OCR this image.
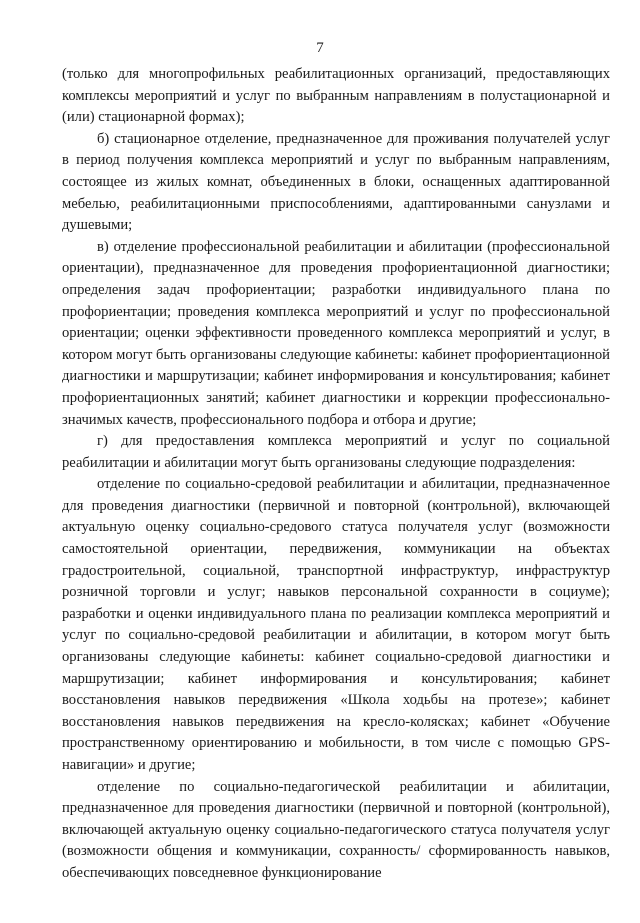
7

(только для многопрофильных реабилитационных организаций, предоставляющих комплексы мероприятий и услуг по выбранным направлениям в полустационарной и (или) стационарной формах);

б) стационарное отделение, предназначенное для проживания получателей услуг в период получения комплекса мероприятий и услуг по выбранным направлениям, состоящее из жилых комнат, объединенных в блоки, оснащенных адаптированной мебелью, реабилитационными приспособлениями, адаптированными санузлами и душевыми;

в) отделение профессиональной реабилитации и абилитации (профессиональной ориентации), предназначенное для проведения профориентационной диагностики; определения задач профориентации; разработки индивидуального плана по профориентации; проведения комплекса мероприятий и услуг по профессиональной ориентации; оценки эффективности проведенного комплекса мероприятий и услуг, в котором могут быть организованы следующие кабинеты: кабинет профориентационной диагностики и маршрутизации; кабинет информирования и консультирования; кабинет профориентационных занятий; кабинет диагностики и коррекции профессионально-значимых качеств, профессионального подбора и отбора и другие;

г) для предоставления комплекса мероприятий и услуг по социальной реабилитации и абилитации могут быть организованы следующие подразделения:

отделение по социально-средовой реабилитации и абилитации, предназначенное для проведения диагностики (первичной и повторной (контрольной), включающей актуальную оценку социально-средового статуса получателя услуг (возможности самостоятельной ориентации, передвижения, коммуникации на объектах градостроительной, социальной, транспортной инфраструктур, инфраструктур розничной торговли и услуг; навыков персональной сохранности в социуме); разработки и оценки индивидуального плана по реализации комплекса мероприятий и услуг по социально-средовой реабилитации и абилитации, в котором могут быть организованы следующие кабинеты: кабинет социально-средовой диагностики и маршрутизации; кабинет информирования и консультирования; кабинет восстановления навыков передвижения «Школа ходьбы на протезе»; кабинет восстановления навыков передвижения на кресло-колясках; кабинет «Обучение пространственному ориентированию и мобильности, в том числе с помощью GPS-навигации» и другие;

отделение по социально-педагогической реабилитации и абилитации, предназначенное для проведения диагностики (первичной и повторной (контрольной), включающей актуальную оценку социально-педагогического статуса получателя услуг (возможности общения и коммуникации, сохранность/ сформированность навыков, обеспечивающих повседневное функционирование
